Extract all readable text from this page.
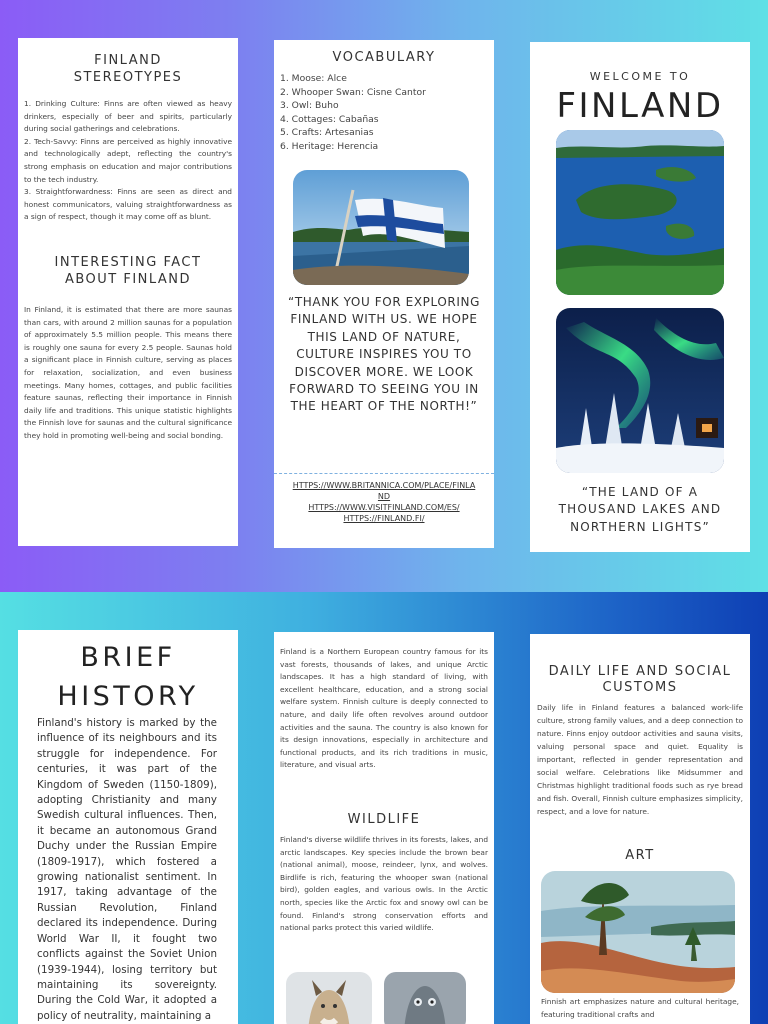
FINLAND STEREOTYPES

1. Drinking Culture: Finns are often viewed as heavy drinkers, especially of beer and spirits, particularly during social gatherings and celebrations.

2. Tech-Savvy: Finns are perceived as highly innovative and technologically adept, reflecting the country's strong emphasis on education and major contributions to the tech industry.

3. Straightforwardness: Finns are seen as direct and honest communicators, valuing straightforwardness as a sign of respect, though it may come off as blunt.

INTERESTING FACT ABOUT FINLAND

In Finland, it is estimated that there are more saunas than cars, with around 2 million saunas for a population of approximately 5.5 million people. This means there is roughly one sauna for every 2.5 people. Saunas hold a significant place in Finnish culture, serving as places for relaxation, socialization, and even business meetings. Many homes, cottages, and public facilities feature saunas, reflecting their importance in Finnish daily life and traditions. This unique statistic highlights the Finnish love for saunas and the cultural significance they hold in promoting well-being and social bonding.

VOCABULARY
1. Moose: Alce
2. Whooper Swan: Cisne Cantor
3. Owl: Buho
4. Cottages: Cabañas
5. Crafts: Artesanias
6. Heritage: Herencia

“THANK YOU FOR EXPLORING FINLAND WITH US. WE HOPE THIS LAND OF NATURE, CULTURE INSPIRES YOU TO DISCOVER MORE. WE LOOK FORWARD TO SEEING YOU IN THE HEART OF THE NORTH!”

HTTPS://WWW.BRITANNICA.COM/PLACE/FINLAND
HTTPS://WWW.VISITFINLAND.COM/ES/
HTTPS://FINLAND.FI/
WELCOME TO
FINLAND

“THE LAND OF A THOUSAND LAKES AND NORTHERN LIGHTS”

BRIEF
HISTORY

Finland's history is marked by the influence of its neighbours and its struggle for independence. For centuries, it was part of the Kingdom of Sweden (1150-1809), adopting Christianity and many Swedish cultural influences. Then, it became an autonomous Grand Duchy under the Russian Empire (1809-1917), which fostered a growing nationalist sentiment. In 1917, taking advantage of the Russian Revolution, Finland declared its independence. During World War II, it fought two conflicts against the Soviet Union (1939-1944), losing territory but maintaining its sovereignty. During the Cold War, it adopted a policy of neutrality, maintaining a

Finland is a Northern European country famous for its vast forests, thousands of lakes, and unique Arctic landscapes. It has a high standard of living, with excellent healthcare, education, and a strong social welfare system. Finnish culture is deeply connected to nature, and daily life often revolves around outdoor activities and the sauna. The country is also known for its design innovations, especially in architecture and functional products, and its rich traditions in music, literature, and visual arts.

WILDLIFE

Finland's diverse wildlife thrives in its forests, lakes, and arctic landscapes. Key species include the brown bear (national animal), moose, reindeer, lynx, and wolves. Birdlife is rich, featuring the whooper swan (national bird), golden eagles, and various owls. In the Arctic north, species like the Arctic fox and snowy owl can be found. Finland's strong conservation efforts and national parks protect this varied wildlife.

DAILY LIFE AND SOCIAL CUSTOMS

Daily life in Finland features a balanced work-life culture, strong family values, and a deep connection to nature. Finns enjoy outdoor activities and sauna visits, valuing personal space and quiet. Equality is important, reflected in gender representation and social welfare. Celebrations like Midsummer and Christmas highlight traditional foods such as rye bread and fish. Overall, Finnish culture emphasizes simplicity, respect, and a love for nature.

ART

Finnish art emphasizes nature and cultural heritage, featuring traditional crafts and
